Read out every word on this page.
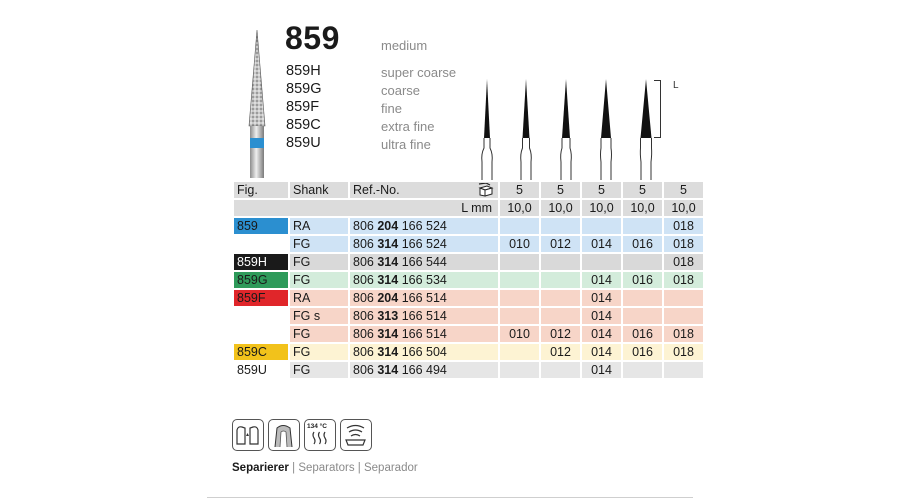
859	medium
859H	super coarse
859G	coarse
859F	fine
859C	extra fine
859U	ultra fine
L
Fig.	Shank	Ref.-No.	5	5	5	5	5
L mm			10,0	10,0	10,0	10,0	10,0
859	RA	806 204 166 524					018
	FG	806 314 166 524	010	012	014	016	018
859H	FG	806 314 166 544					018
859G	FG	806 314 166 534			014	016	018
859F	RA	806 204 166 514			014		
	FG s	806 313 166 514			014		
	FG	806 314 166 514	010	012	014	016	018
859C	FG	806 314 166 504		012	014	016	018
859U	FG	806 314 166 494			014		
134 °C
Separierer | Separators | Separador
